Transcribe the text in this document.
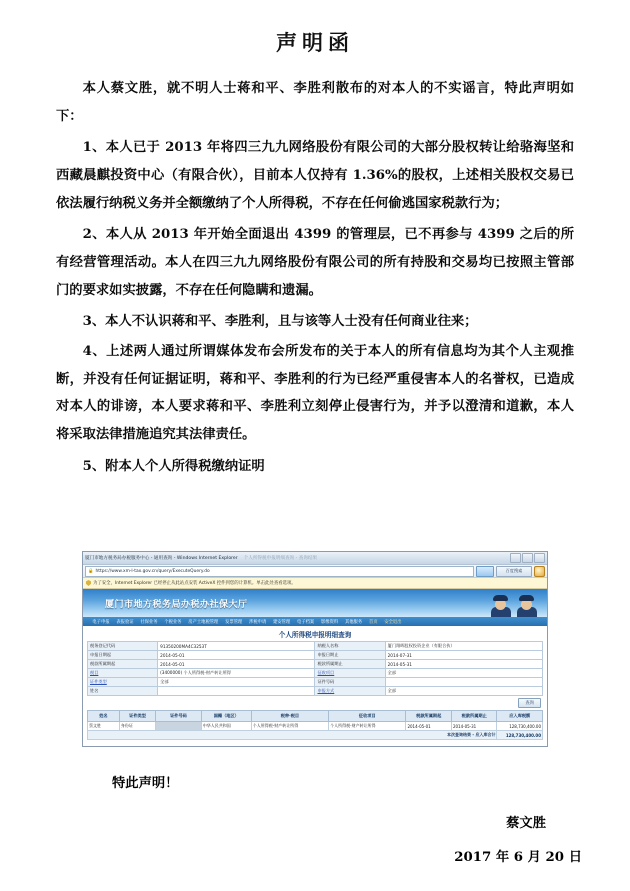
声明函

本人蔡文胜，就不明人士蒋和平、李胜利散布的对本人的不实谣言，特此声明如下：

1、本人已于 2013 年将四三九九网络股份有限公司的大部分股权转让给骆海坚和西藏晨麒投资中心（有限合伙），目前本人仅持有 1.36%的股权，上述相关股权交易已依法履行纳税义务并全额缴纳了个人所得税，不存在任何偷逃国家税款行为；

2、本人从 2013 年开始全面退出 4399 的管理层，已不再参与 4399 之后的所有经营管理活动。本人在四三九九网络股份有限公司的所有持股和交易均已按照主管部门的要求如实披露，不存在任何隐瞒和遗漏。

3、本人不认识蒋和平、李胜利，且与该等人士没有任何商业往来；

4、上述两人通过所谓媒体发布会所发布的关于本人的所有信息均为其个人主观推断，并没有任何证据证明，蒋和平、李胜利的行为已经严重侵害本人的名誉权，已造成对本人的诽谤，本人要求蒋和平、李胜利立刻停止侵害行为，并予以澄清和道歉，本人将采取法律措施追究其法律责任。

5、附本人个人所得税缴纳证明

厦门市地方税务局办税服务中心 - 通用查询 - Windows Internet Explorer 个人所得税申报明细查询 - 查询结果
🔒 https://www.xm-l-tax.gov.cn/query/ExecuteQuery.do	百度搜索
为了安全，Internet Explorer 已经停止从此站点安装 ActiveX 控件到您的计算机。单击此处查看选项。
厦门市地方税务局办税办社保大厅
电子申报	表报验证	社保业务	个税业务	房产土地税管理	发票管理	涉税申请	建安管理	电子档案	影像资料	其他服务	首页	安全退出
个人所得税申报明细查询
税务登记代码	91350200MA4C3253T	纳税人名称	厦门翔晖股权投资企业（有限合伙）
申报日期起	2014-05-01	申报日期止	2014-07-31
税款所属期起	2014-05-01	税款所属期止	2014-05-31
税目	(3400000) 个人所得税-财产转让所得	征收项目	全部
证件类型	全部	证件号码	
姓名		申报方式	全部
查询
姓名	证件类型	证件号码	国籍（地区）	税种·税目	征收项目	税款所属期起	税款所属期止	应入库税额
蔡文胜	身份证		中华人民共和国	个人所得税-财产转让所得	个人所得税-财产转让所得	2014-05-01	2014-05-31	128,730,400.00
本次查询结果 - 应入库合计								128,730,400.00
特此声明！
蔡文胜
2017 年 6 月 20 日
